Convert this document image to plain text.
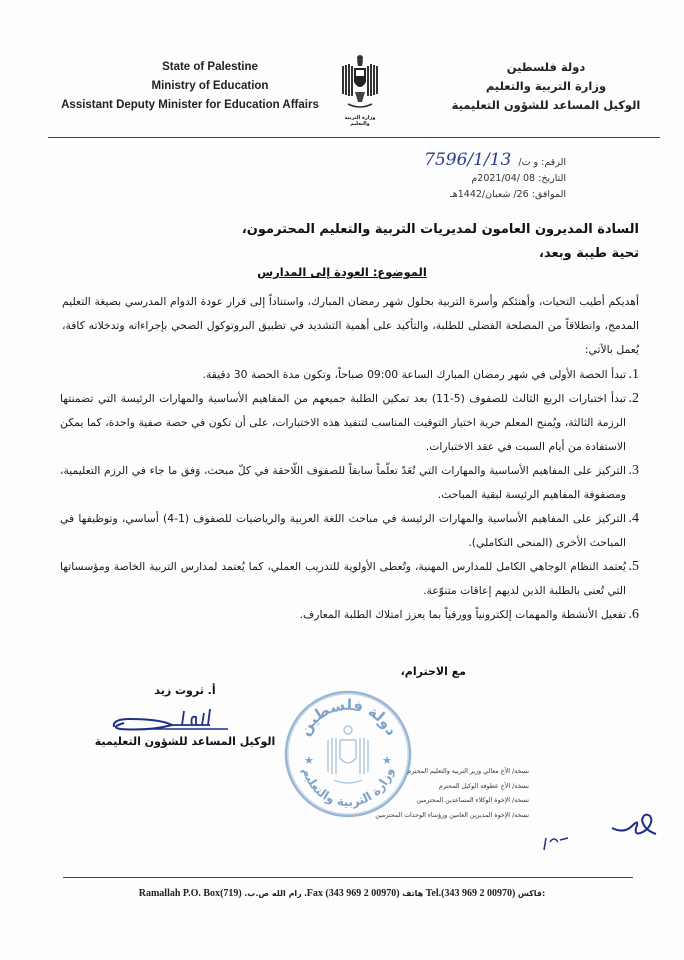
State of Palestine
Ministry of Education
Assistant Deputy Minister for Education Affairs
وزارة التربية والتعليم
دولة فلسطين
وزارة التربية والتعليم
الوكيل المساعد للشؤون التعليمية
الرقم: و ت/ 7596/1/13
التاريخ: 08 /2021/04م
الموافق: 26/ شعبان/1442هـ
السادة المديرون العامون لمديريات التربية والتعليم المحترمون،
تحية طيبة وبعد،
الموضوع: العودة إلى المدارس

أهديكم أطيب التحيات، وأهنئكم وأسرة التربية بحلول شهر رمضان المبارك، واستناداً إلى قرار عودة الدوام المدرسي بصيغة التعليم المدمج، وانطلاقاً من المصلحة الفضلى للطلبة، والتأكيد على أهمية التشديد في تطبيق البروتوكول الصحي بإجراءاته وتدخلاته كافة، يُعمل بالآتي:

1.
تبدأ الحصة الأولى في شهر رمضان المبارك الساعة 09:00 صباحاً، وتكون مدة الحصة 30 دقيقة.
2.
تبدأ اختبارات الربع الثالث للصفوف (5-11) بعد تمكين الطلبة جميعهم من المفاهيم الأساسية والمهارات الرئيسة التي تضمنتها الرزمة الثالثة، ويُمنح المعلم حرية اختيار التوقيت المناسب لتنفيذ هذه الاختبارات، على أن تكون في حصة صفية واحدة، كما يمكن الاستفادة من أيام السبت في عقد الاختبارات.
3.
التركيز على المفاهيم الأساسية والمهارات التي تُعَدّ تعلّماً سابقاً للصفوف اللّاحقة في كلّ مبحث، وَفق ما جاء في الرزم التعليمية، ومصفوفة المفاهيم الرئيسة لبقية المباحث.
4.
التركيز على المفاهيم الأساسية والمهارات الرئيسة في مباحث اللغة العربية والرياضيات للصفوف (1-4) أساسي، وتوظيفها في المباحث الأخرى (المنحى التكاملي).
5.
يُعتمد النظام الوجاهي الكامل للمدارس المهنية، وتُعطى الأولوية للتدريب العملي، كما يُعتمد لمدارس التربية الخاصة ومؤسساتها التي تُعنى بالطلبة الذين لديهم إعاقات متنوّعة.
6.
تفعيل الأنشطة والمهمات إلكترونياً وورقياً بما يعزز امتلاك الطلبة المعارف.
مع الاحترام،
أ. ثروت زيد
الوكيل المساعد للشؤون التعليمية
دولة فلسطين
وزارة التربية والتعليم
★	★
نسخة/ الأخ معالي وزير التربية والتعليم المحترم
نسخة/ الأخ عطوفة الوكيل المحترم
نسخة/ الإخوة الوكلاء المساعدين المحترمين
نسخة/ الإخوة المديرين العامين ورؤساء الوحدات المحترمين
(719)Ramallah P.O. Box رام الله ص.ب. (00970 2 969 343) Fax.	فاكس (00970 2 969 343).Tel هاتف:
